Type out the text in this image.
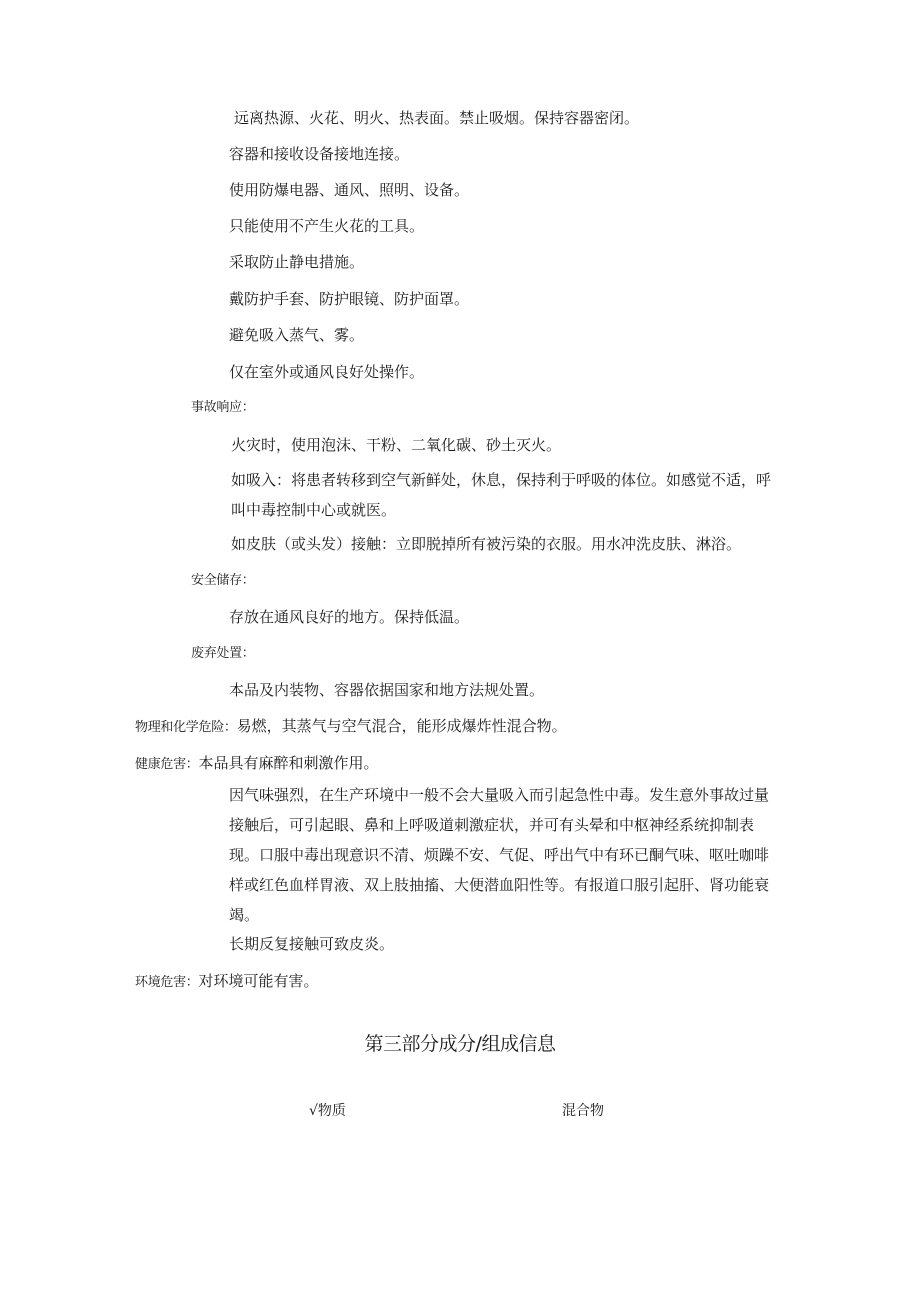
远离热源、火花、明火、热表面。禁止吸烟。保持容器密闭。
容器和接收设备接地连接。
使用防爆电器、通风、照明、设备。
只能使用不产生火花的工具。
采取防止静电措施。
戴防护手套、防护眼镜、防护面罩。
避免吸入蒸气、雾。
仅在室外或通风良好处操作。
事故响应：
火灾时，使用泡沫、干粉、二氧化碳、砂土灭火。
如吸入：将患者转移到空气新鲜处，休息，保持利于呼吸的体位。如感觉不适，呼叫中毒控制中心或就医。
如皮肤（或头发）接触：立即脱掉所有被污染的衣服。用水冲洗皮肤、淋浴。
安全储存：
存放在通风良好的地方。保持低温。
废弃处置：
本品及内装物、容器依据国家和地方法规处置。
物理和化学危险：易燃，其蒸气与空气混合，能形成爆炸性混合物。
健康危害：本品具有麻醉和刺激作用。
因气味强烈，在生产环境中一般不会大量吸入而引起急性中毒。发生意外事故过量接触后，可引起眼、鼻和上呼吸道刺激症状，并可有头晕和中枢神经系统抑制表现。口服中毒出现意识不清、烦躁不安、气促、呼出气中有环已酮气味、呕吐咖啡样或红色血样胃液、双上肢抽搐、大便潜血阳性等。有报道口服引起肝、肾功能衰竭。
长期反复接触可致皮炎。
环境危害：对环境可能有害。
第三部分成分/组成信息
√物质	混合物
